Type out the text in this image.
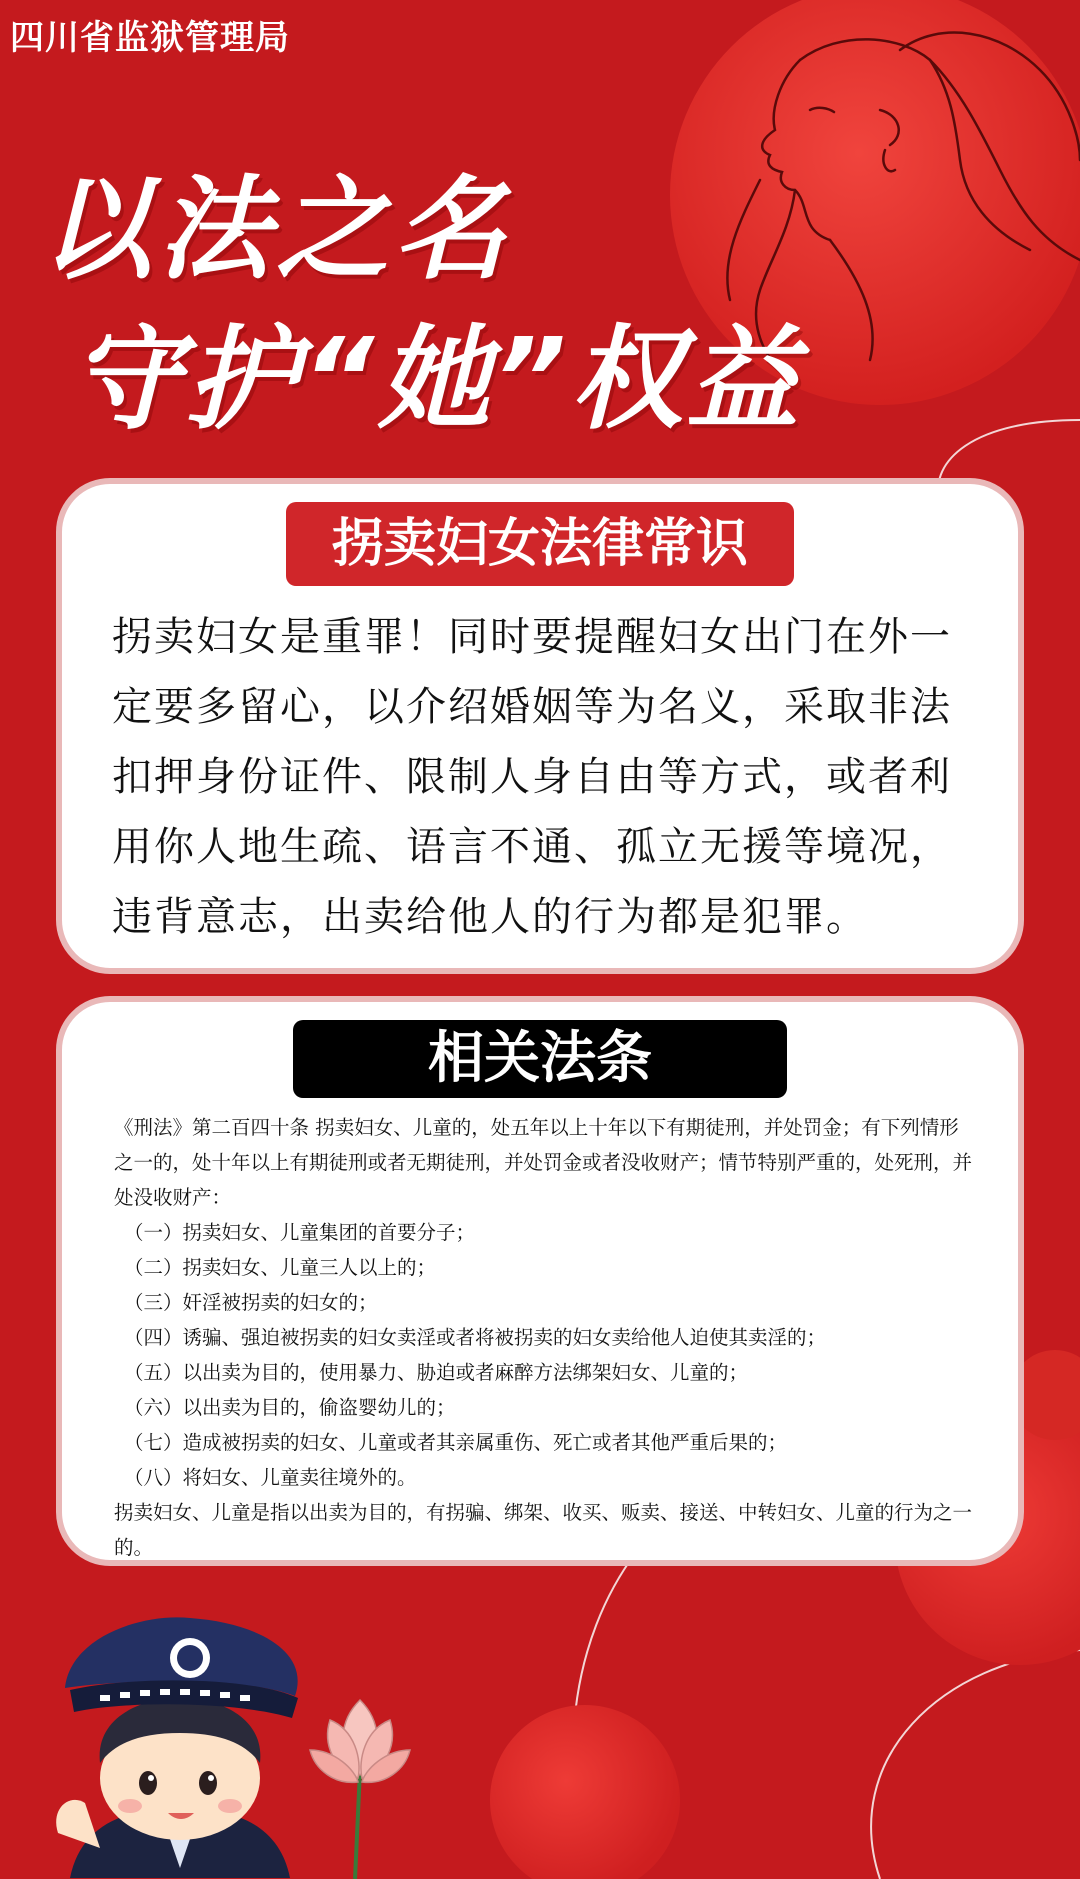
四川省监狱管理局
以法之名
守护“她”权益
拐卖妇女法律常识
拐卖妇女是重罪！同时要提醒妇女出门在外一定要多留心，以介绍婚姻等为名义，采取非法扣押身份证件、限制人身自由等方式，或者利用你人地生疏、语言不通、孤立无援等境况，违背意志，出卖给他人的行为都是犯罪。
相关法条

《刑法》第二百四十条 拐卖妇女、儿童的，处五年以上十年以下有期徒刑，并处罚金；有下列情形之一的，处十年以上有期徒刑或者无期徒刑，并处罚金或者没收财产；情节特别严重的，处死刑，并处没收财产：

（一）拐卖妇女、儿童集团的首要分子；

（二）拐卖妇女、儿童三人以上的；

（三）奸淫被拐卖的妇女的；

（四）诱骗、强迫被拐卖的妇女卖淫或者将被拐卖的妇女卖给他人迫使其卖淫的；

（五）以出卖为目的，使用暴力、胁迫或者麻醉方法绑架妇女、儿童的；

（六）以出卖为目的，偷盗婴幼儿的；

（七）造成被拐卖的妇女、儿童或者其亲属重伤、死亡或者其他严重后果的；

（八）将妇女、儿童卖往境外的。

拐卖妇女、儿童是指以出卖为目的，有拐骗、绑架、收买、贩卖、接送、中转妇女、儿童的行为之一的。
